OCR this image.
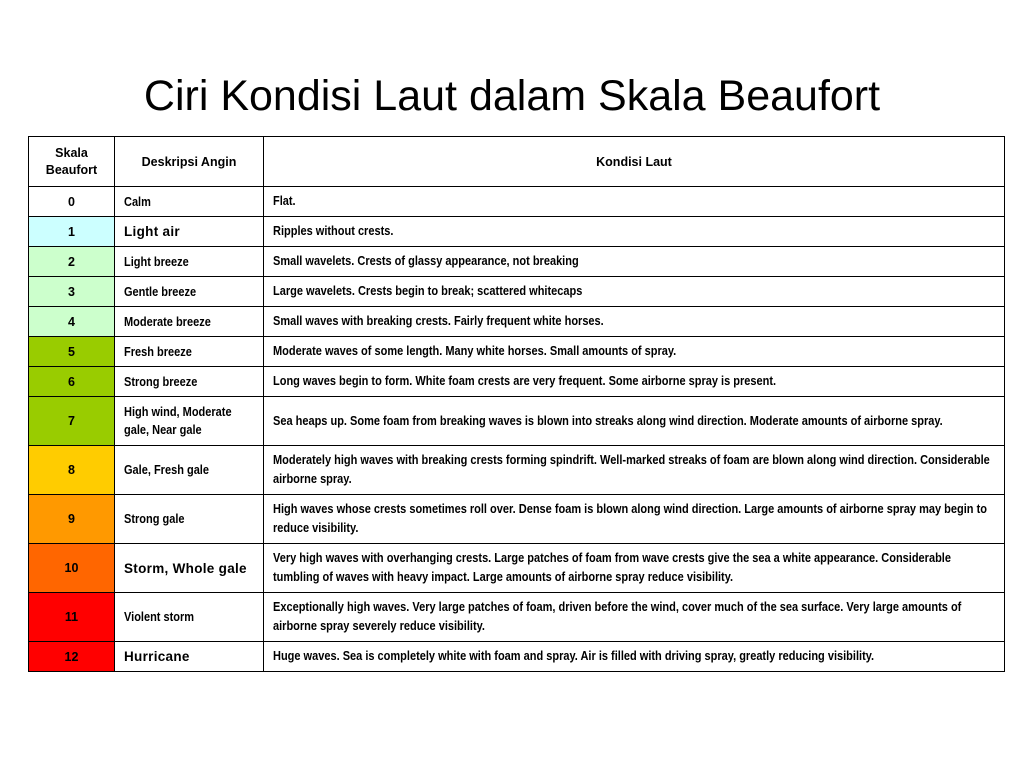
Ciri Kondisi Laut dalam Skala Beaufort
Skala
Beaufort	Deskripsi Angin	Kondisi Laut
0	Calm	Flat.

1	Light air	Ripples without crests.

2	Light breeze	Small wavelets. Crests of glassy appearance, not breaking

3	Gentle breeze	Large wavelets. Crests begin to break; scattered whitecaps

4	Moderate breeze	Small waves with breaking crests. Fairly frequent white horses.

5	Fresh breeze	Moderate waves of some length. Many white horses. Small amounts of spray.

6	Strong breeze	Long waves begin to form. White foam crests are very frequent. Some airborne spray is present.

7	High wind, Moderate gale, Near gale	Sea heaps up. Some foam from breaking waves is blown into streaks along wind direction. Moderate amounts of airborne spray.

8	Gale, Fresh gale	Moderately high waves with breaking crests forming spindrift. Well-marked streaks of foam are blown along wind direction. Considerable airborne spray.

9	Strong gale	High waves whose crests sometimes roll over. Dense foam is blown along wind direction. Large amounts of airborne spray may begin to reduce visibility.

10	Storm, Whole gale	Very high waves with overhanging crests. Large patches of foam from wave crests give the sea a white appearance. Considerable tumbling of waves with heavy impact. Large amounts of airborne spray reduce visibility.

11	Violent storm	Exceptionally high waves. Very large patches of foam, driven before the wind, cover much of the sea surface. Very large amounts of airborne spray severely reduce visibility.

12	Hurricane	Huge waves. Sea is completely white with foam and spray. Air is filled with driving spray, greatly reducing visibility.
